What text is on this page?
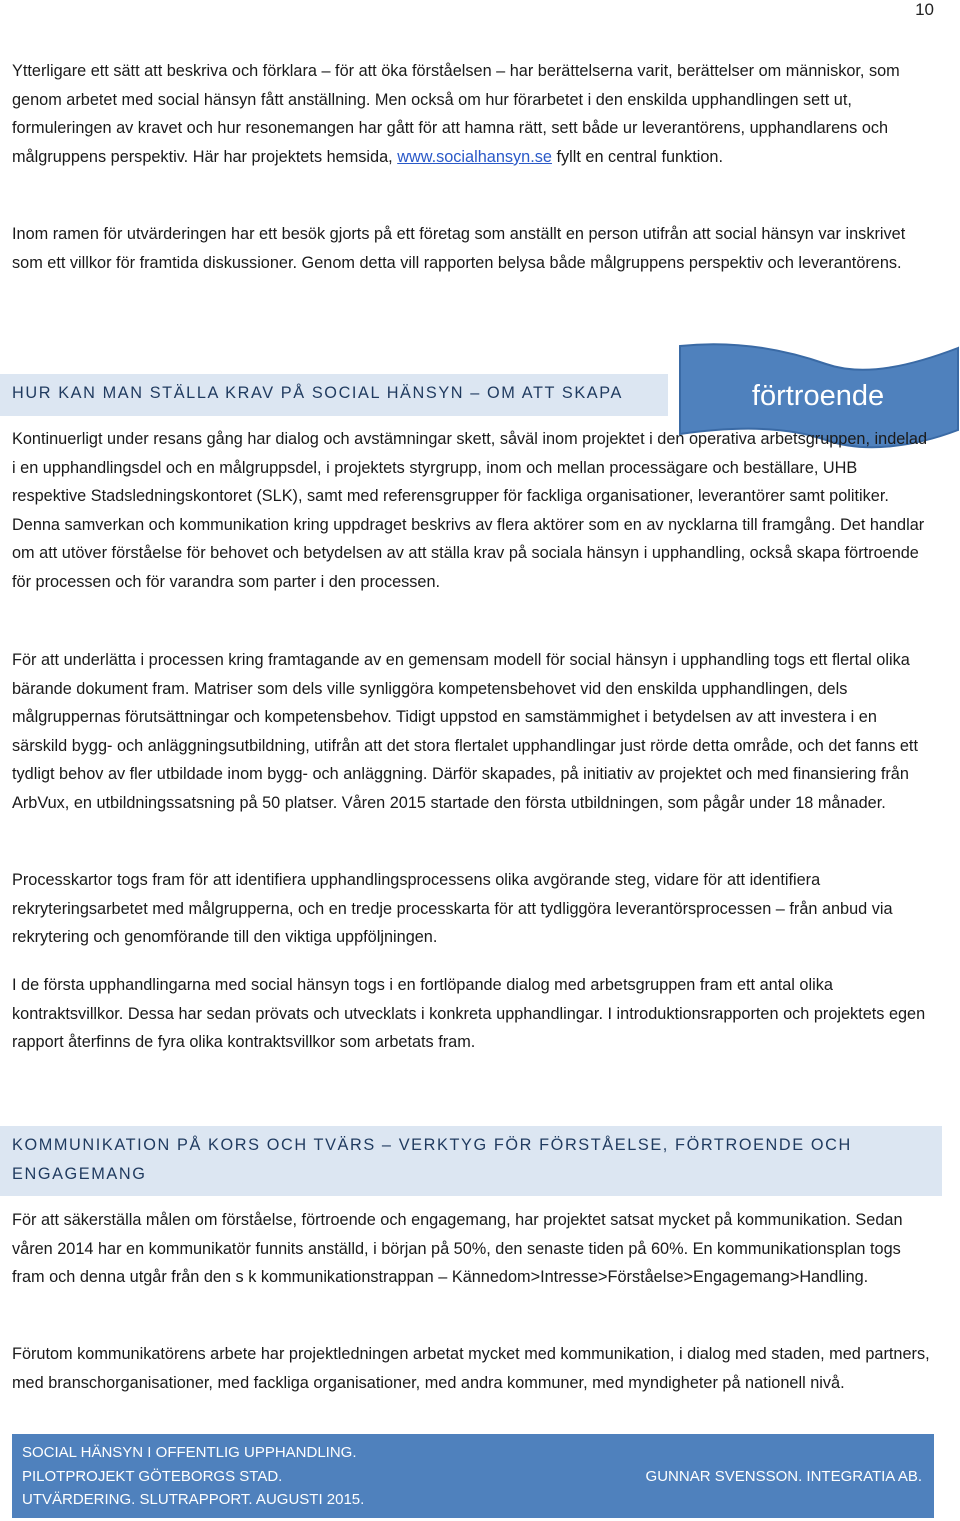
10

Ytterligare ett sätt att beskriva och förklara – för att öka förståelsen – har berättelserna varit, berättelser om människor, som genom arbetet med social hänsyn fått anställning. Men också om hur förarbetet i den enskilda upphandlingen sett ut, formuleringen av kravet och hur resonemangen har gått för att hamna rätt, sett både ur leverantörens, upphandlarens och målgruppens perspektiv. Här har projektets hemsida, www.socialhansyn.se fyllt en central funktion.

Inom ramen för utvärderingen har ett besök gjorts på ett företag som anställt en person utifrån att social hänsyn var inskrivet som ett villkor för framtida diskussioner. Genom detta vill rapporten belysa både målgruppens perspektiv och leverantörens.

HUR KAN MAN STÄLLA KRAV PÅ SOCIAL HÄNSYN – OM ATT SKAPA	förtroende

Kontinuerligt under resans gång har dialog och avstämningar skett, såväl inom projektet i den operativa arbetsgruppen, indelad i en upphandlingsdel och en målgruppsdel, i projektets styrgrupp, inom och mellan processägare och beställare, UHB respektive Stadsledningskontoret (SLK), samt med referensgrupper för fackliga organisationer, leverantörer samt politiker. Denna samverkan och kommunikation kring uppdraget beskrivs av flera aktörer som en av nycklarna till framgång. Det handlar om att utöver förståelse för behovet och betydelsen av att ställa krav på sociala hänsyn i upphandling, också skapa förtroende för processen och för varandra som parter i den processen.

För att underlätta i processen kring framtagande av en gemensam modell för social hänsyn i upphandling togs ett flertal olika bärande dokument fram. Matriser som dels ville synliggöra kompetensbehovet vid den enskilda upphandlingen, dels målgruppernas förutsättningar och kompetensbehov. Tidigt uppstod en samstämmighet i betydelsen av att investera i en särskild bygg- och anläggningsutbildning, utifrån att det stora flertalet upphandlingar just rörde detta område, och det fanns ett tydligt behov av fler utbildade inom bygg- och anläggning. Därför skapades, på initiativ av projektet och med finansiering från ArbVux, en utbildningssatsning på 50 platser. Våren 2015 startade den första utbildningen, som pågår under 18 månader.

Processkartor togs fram för att identifiera upphandlingsprocessens olika avgörande steg, vidare för att identifiera rekryteringsarbetet med målgrupperna, och en tredje processkarta för att tydliggöra leverantörsprocessen – från anbud via rekrytering och genomförande till den viktiga uppföljningen.

I de första upphandlingarna med social hänsyn togs i en fortlöpande dialog med arbetsgruppen fram ett antal olika kontraktsvillkor. Dessa har sedan prövats och utvecklats i konkreta upphandlingar. I introduktionsrapporten och projektets egen rapport återfinns de fyra olika kontraktsvillkor som arbetats fram.

KOMMUNIKATION PÅ KORS OCH TVÄRS – VERKTYG FÖR FÖRSTÅELSE, FÖRTROENDE OCH ENGAGEMANG

För att säkerställa målen om förståelse, förtroende och engagemang, har projektet satsat mycket på kommunikation. Sedan våren 2014 har en kommunikatör funnits anställd, i början på 50%, den senaste tiden på 60%. En kommunikationsplan togs fram och denna utgår från den s k kommunikationstrappan – Kännedom>Intresse>Förståelse>Engagemang>Handling.

Förutom kommunikatörens arbete har projektledningen arbetat mycket med kommunikation, i dialog med staden, med partners, med branschorganisationer, med fackliga organisationer, med andra kommuner, med myndigheter på nationell nivå.

SOCIAL HÄNSYN I OFFENTLIG UPPHANDLING.
PILOTPROJEKT GÖTEBORGS STAD.
UTVÄRDERING. SLUTRAPPORT. AUGUSTI 2015.
GUNNAR SVENSSON. INTEGRATIA AB.
